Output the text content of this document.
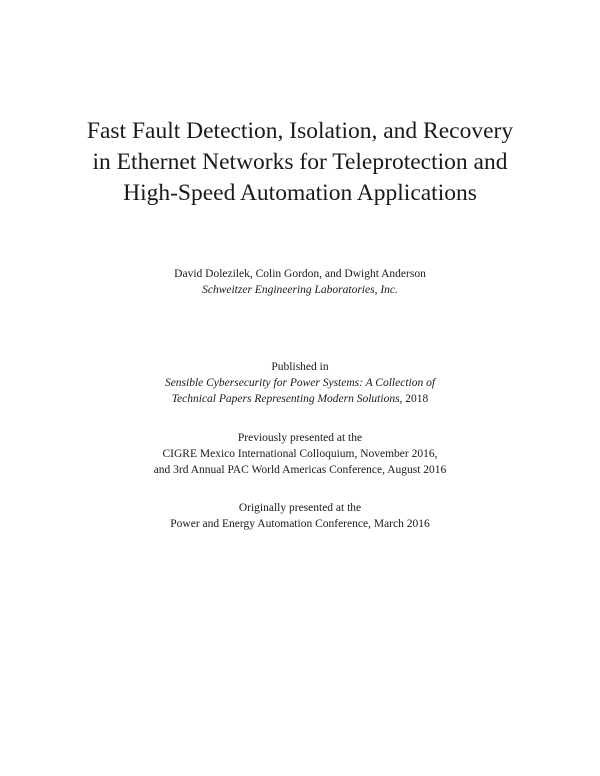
Fast Fault Detection, Isolation, and Recovery
in Ethernet Networks for Teleprotection and
High-Speed Automation Applications
David Dolezilek, Colin Gordon, and Dwight Anderson
Schweitzer Engineering Laboratories, Inc.
Published in
Sensible Cybersecurity for Power Systems: A Collection of
Technical Papers Representing Modern Solutions, 2018
Previously presented at the
CIGRE Mexico International Colloquium, November 2016,
and 3rd Annual PAC World Americas Conference, August 2016
Originally presented at the
Power and Energy Automation Conference, March 2016
